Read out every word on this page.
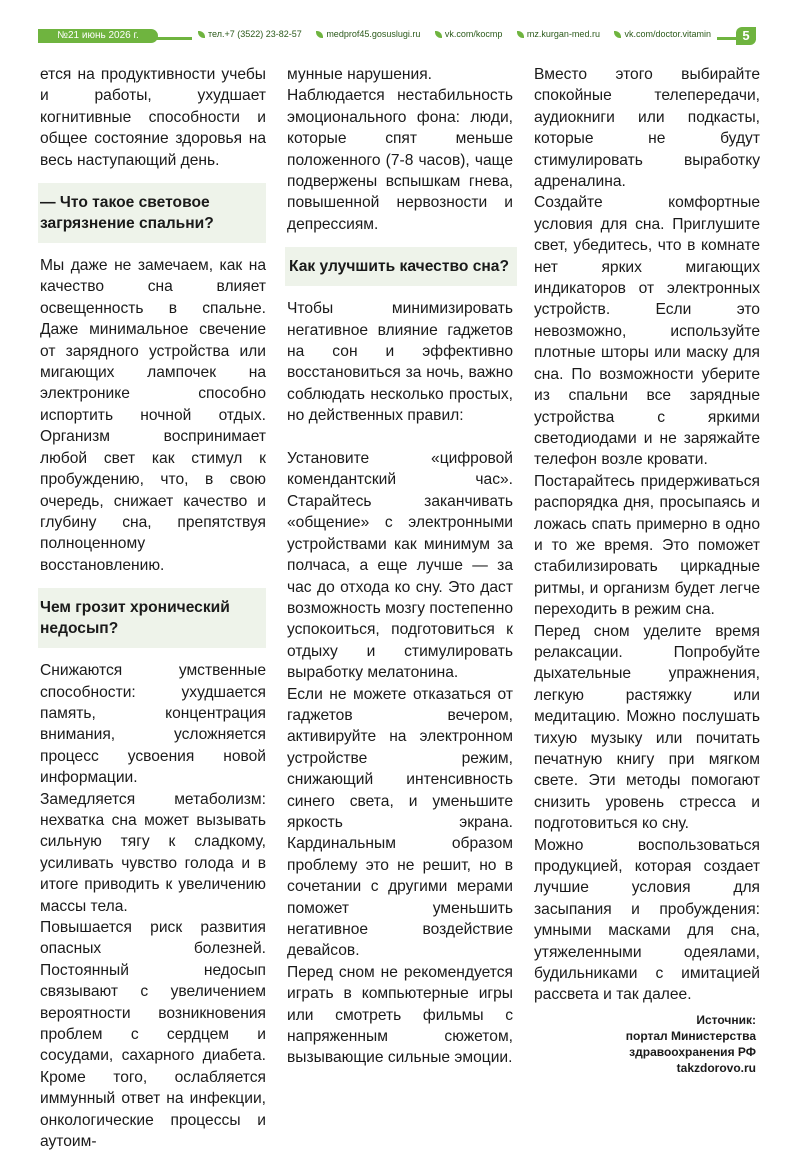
№21 июнь 2026 г.	тел.+7 (3522) 23-82-57	medprof45.gosuslugi.ru	vk.com/kocmp	mz.kurgan-med.ru	vk.com/doctor.vitamin	5

ется на продуктивности учебы и работы, ухудшает когнитивные способности и общее состояние здоровья на весь наступающий день.

— Что такое световое загрязнение спальни?

Мы даже не замечаем, как на качество сна влияет освещенность в спальне. Даже минимальное свечение от зарядного устройства или мигающих лампочек на электронике способно испортить ночной отдых. Организм воспринимает любой свет как стимул к пробуждению, что, в свою очередь, снижает качество и глубину сна, препятствуя полноценному восстановлению.

Чем грозит хронический недосып?

Снижаются умственные способности: ухудшается память, концентрация внимания, усложняется процесс усвоения новой информации.

Замедляется метаболизм: нехватка сна может вызывать сильную тягу к сладкому, усиливать чувство голода и в итоге приводить к увеличению массы тела.

Повышается риск развития опасных болезней. Постоянный недосып связывают с увеличением вероятности возникновения проблем с сердцем и сосудами, сахарного диабета. Кроме того, ослабляется иммунный ответ на инфекции, онкологические процессы и аутоим-

мунные нарушения.

Наблюдается нестабильность эмоционального фона: люди, которые спят меньше положенного (7-8 часов), чаще подвержены вспышкам гнева, повышенной нервозности и депрессиям.

Как улучшить качество сна?

Чтобы минимизировать негативное влияние гаджетов на сон и эффективно восстановиться за ночь, важно соблюдать несколько простых, но действенных правил:

Установите «цифровой комендантский час». Старайтесь заканчивать «общение» с электронными устройствами как минимум за полчаса, а еще лучше — за час до отхода ко сну. Это даст возможность мозгу постепенно успокоиться, подготовиться к отдыху и стимулировать выработку мелатонина.

Если не можете отказаться от гаджетов вечером, активируйте на электронном устройстве режим, снижающий интенсивность синего света, и уменьшите яркость экрана. Кардинальным образом проблему это не решит, но в сочетании с другими мерами поможет уменьшить негативное воздействие девайсов.

Перед сном не рекомендуется играть в компьютерные игры или смотреть фильмы с напряженным сюжетом, вызывающие сильные эмоции.

Вместо этого выбирайте спокойные телепередачи, аудиокниги или подкасты, которые не будут стимулировать выработку адреналина.

Создайте комфортные условия для сна. Приглушите свет, убедитесь, что в комнате нет ярких мигающих индикаторов от электронных устройств. Если это невозможно, используйте плотные шторы или маску для сна. По возможности уберите из спальни все зарядные устройства с яркими светодиодами и не заряжайте телефон возле кровати.

Постарайтесь придерживаться распорядка дня, просыпаясь и ложась спать примерно в одно и то же время. Это поможет стабилизировать циркадные ритмы, и организм будет легче переходить в режим сна.

Перед сном уделите время релаксации. Попробуйте дыхательные упражнения, легкую растяжку или медитацию. Можно послушать тихую музыку или почитать печатную книгу при мягком свете. Эти методы помогают снизить уровень стресса и подготовиться ко сну.

Можно воспользоваться продукцией, которая создает лучшие условия для засыпания и пробуждения: умными масками для сна, утяжеленными одеялами, будильниками с имитацией рассвета и так далее.

Источник:
портал Министерства
здравоохранения РФ
takzdorovo.ru
